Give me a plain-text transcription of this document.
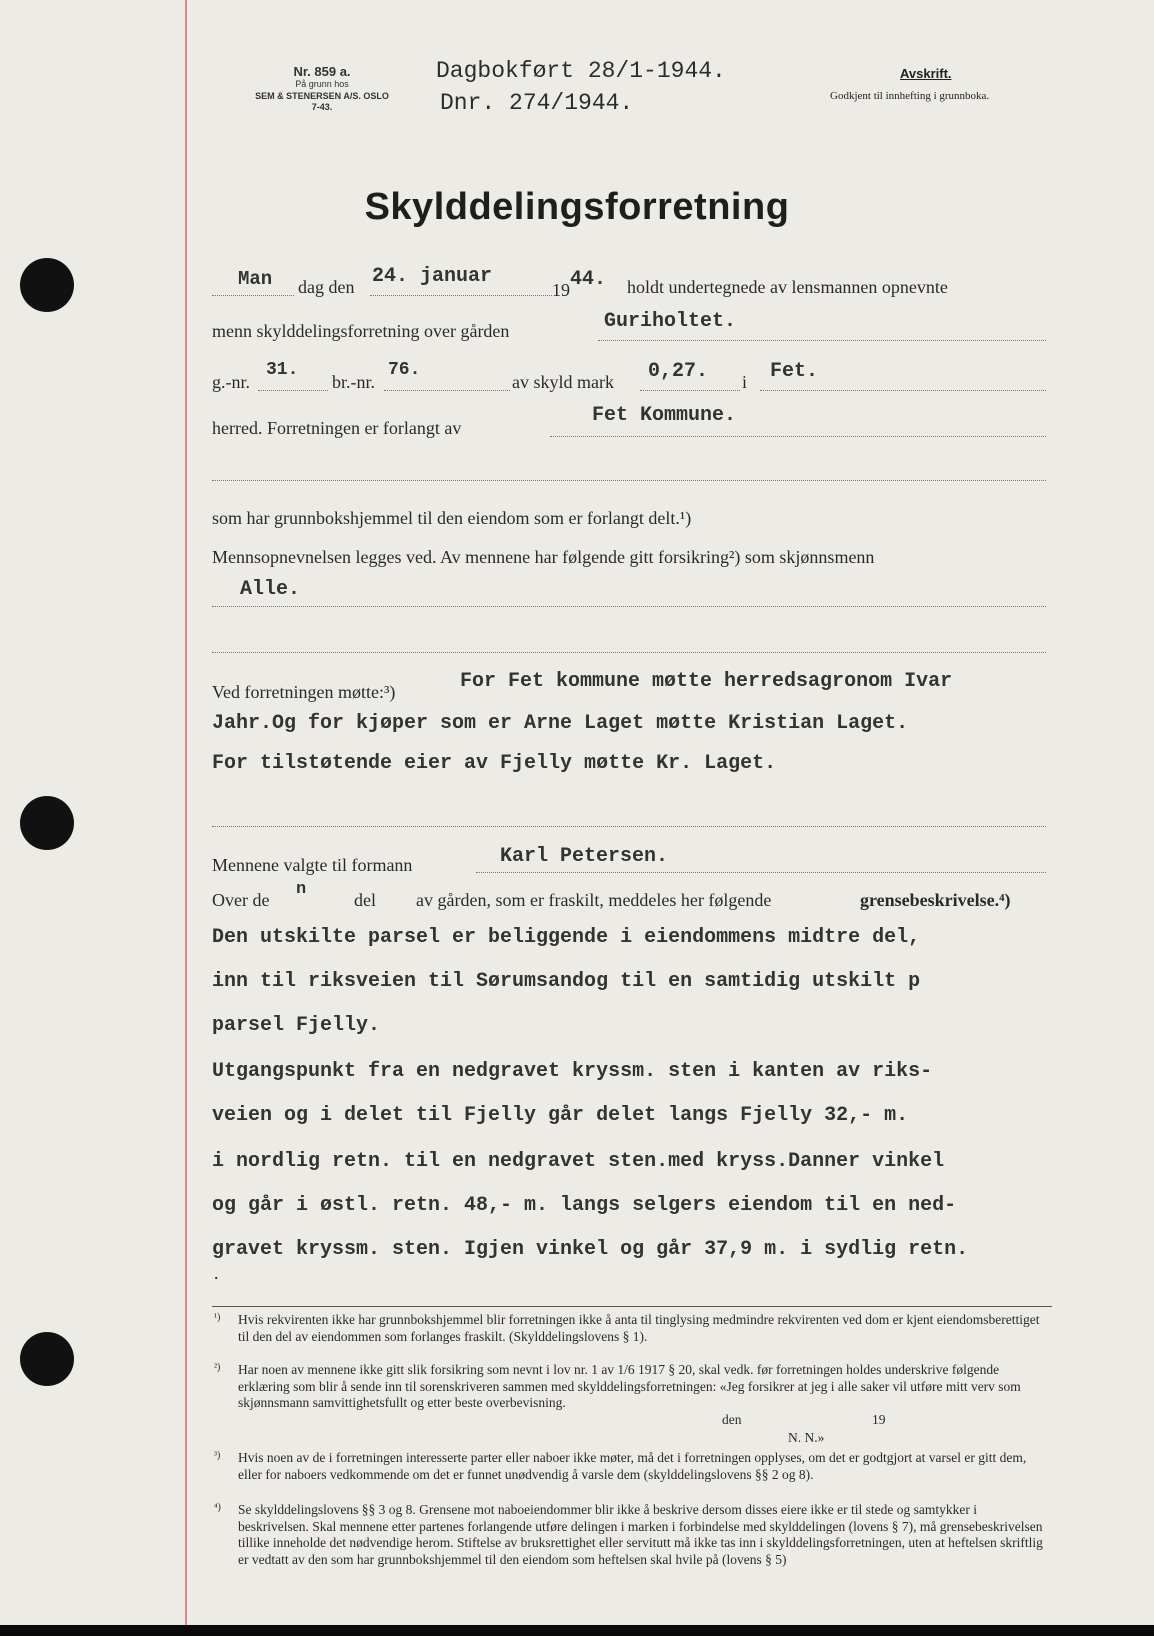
Nr. 859 a.
På grunn hos
SEM & STENERSEN A/S. OSLO
7-43.
Dagbokført 28/1-1944.
Dnr. 274/1944.
Avskrift.
Godkjent til innhefting i grunnboka.
Skylddelingsforretning
Man dag den 24. januar
19 44. holdt undertegnede av lensmannen opnevnte
menn skylddelingsforretning over gården	Guriholtet.
g.-nr.
31.
br.-nr.
76.
av skyld mark 0,27. i Fet.
herred. Forretningen er forlangt av
Fet Kommune.
som har grunnbokshjemmel til den eiendom som er forlangt delt.¹)
Mennsopnevnelsen legges ved. Av mennene har følgende gitt forsikring²) som skjønnsmenn
Alle.
Ved forretningen møtte:³)	For Fet kommune møtte herredsagronom Ivar
Jahr.Og for kjøper som er Arne Laget møtte Kristian Laget.
For tilstøtende eier av Fjelly møtte Kr. Laget.
Mennene valgte til formann	Karl Petersen.
Over de
n
del av gården, som er fraskilt, meddeles her følgende	grensebeskrivelse.⁴)
Den utskilte parsel er beliggende i eiendommens midtre del,
inn til riksveien til Sørumsandog til en samtidig utskilt p
parsel Fjelly.
Utgangspunkt fra en nedgravet kryssm. sten i kanten av riks-
veien og i delet til Fjelly går delet langs Fjelly 32,- m.
i nordlig retn. til en nedgravet sten.med kryss.Danner vinkel
og går i østl. retn. 48,- m. langs selgers eiendom til en ned-
gravet kryssm. sten. Igjen vinkel og går 37,9 m. i sydlig retn.
.
¹) Hvis rekvirenten ikke har grunnbokshjemmel blir forretningen ikke å anta til tinglysing medmindre rekvirenten ved dom er kjent eiendomsberettiget til den del av eiendommen som forlanges fraskilt. (Skylddelingslovens § 1).
²) Har noen av mennene ikke gitt slik forsikring som nevnt i lov nr. 1 av 1/6 1917 § 20, skal vedk. før forretningen holdes underskrive følgende erklæring som blir å sende inn til sorenskriveren sammen med skylddelingsforretningen: «Jeg forsikrer at jeg i alle saker vil utføre mitt verv som skjønnsmann samvittighetsfullt og etter beste overbevisning.
den	19
N. N.»
³) Hvis noen av de i forretningen interesserte parter eller naboer ikke møter, må det i forretningen opplyses, om det er godtgjort at varsel er gitt dem, eller for naboers vedkommende om det er funnet unødvendig å varsle dem (skylddelingslovens §§ 2 og 8).
⁴) Se skylddelingslovens §§ 3 og 8. Grensene mot naboeiendommer blir ikke å beskrive dersom disses eiere ikke er til stede og samtykker i beskrivelsen. Skal mennene etter partenes forlangende utføre delingen i marken i forbindelse med skylddelingen (lovens § 7), må grensebeskrivelsen tillike inneholde det nødvendige herom. Stiftelse av bruksrettighet eller servitutt må ikke tas inn i skylddelingsforretningen, uten at heftelsen skriftlig er vedtatt av den som har grunnbokshjemmel til den eiendom som heftelsen skal hvile på (lovens § 5)
